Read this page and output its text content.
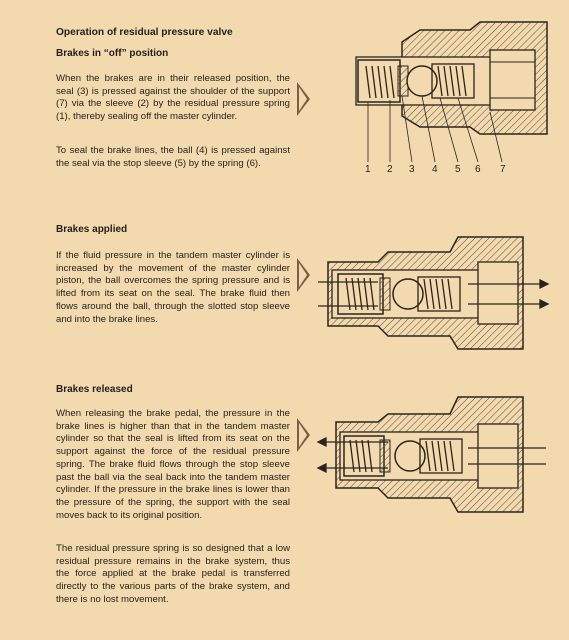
Operation of residual pressure valve
Brakes in “off” position
When the brakes are in their released position, the seal (3) is pressed against the shoulder of the support (7) via the sleeve (2) by the residual pressure spring (1), thereby sealing off the master cylinder.
To seal the brake lines, the ball (4) is pressed against the seal via the stop sleeve (5) by the spring (6).
Brakes applied
If the fluid pressure in the tandem master cylinder is increased by the movement of the master cylinder piston, the ball overcomes the spring pressure and is lifted from its seat on the seal. The brake fluid then flows around the ball, through the slotted stop sleeve and into the brake lines.
Brakes released
When releasing the brake pedal, the pressure in the brake lines is higher than that in the tandem master cylinder so that the seal is lifted from its seat on the support against the force of the residual pressure spring. The brake fluid flows through the stop sleeve past the ball via the seal back into the tandem master cylinder. If the pressure in the brake lines is lower than the pressure of the spring, the support with the seal moves back to its original position.
The residual pressure spring is so designed that a low residual pressure remains in the brake system, thus the force applied at the brake pedal is transferred directly to the various parts of the brake system, and there is no lost movement.
1 2 3 4 5 6 7
